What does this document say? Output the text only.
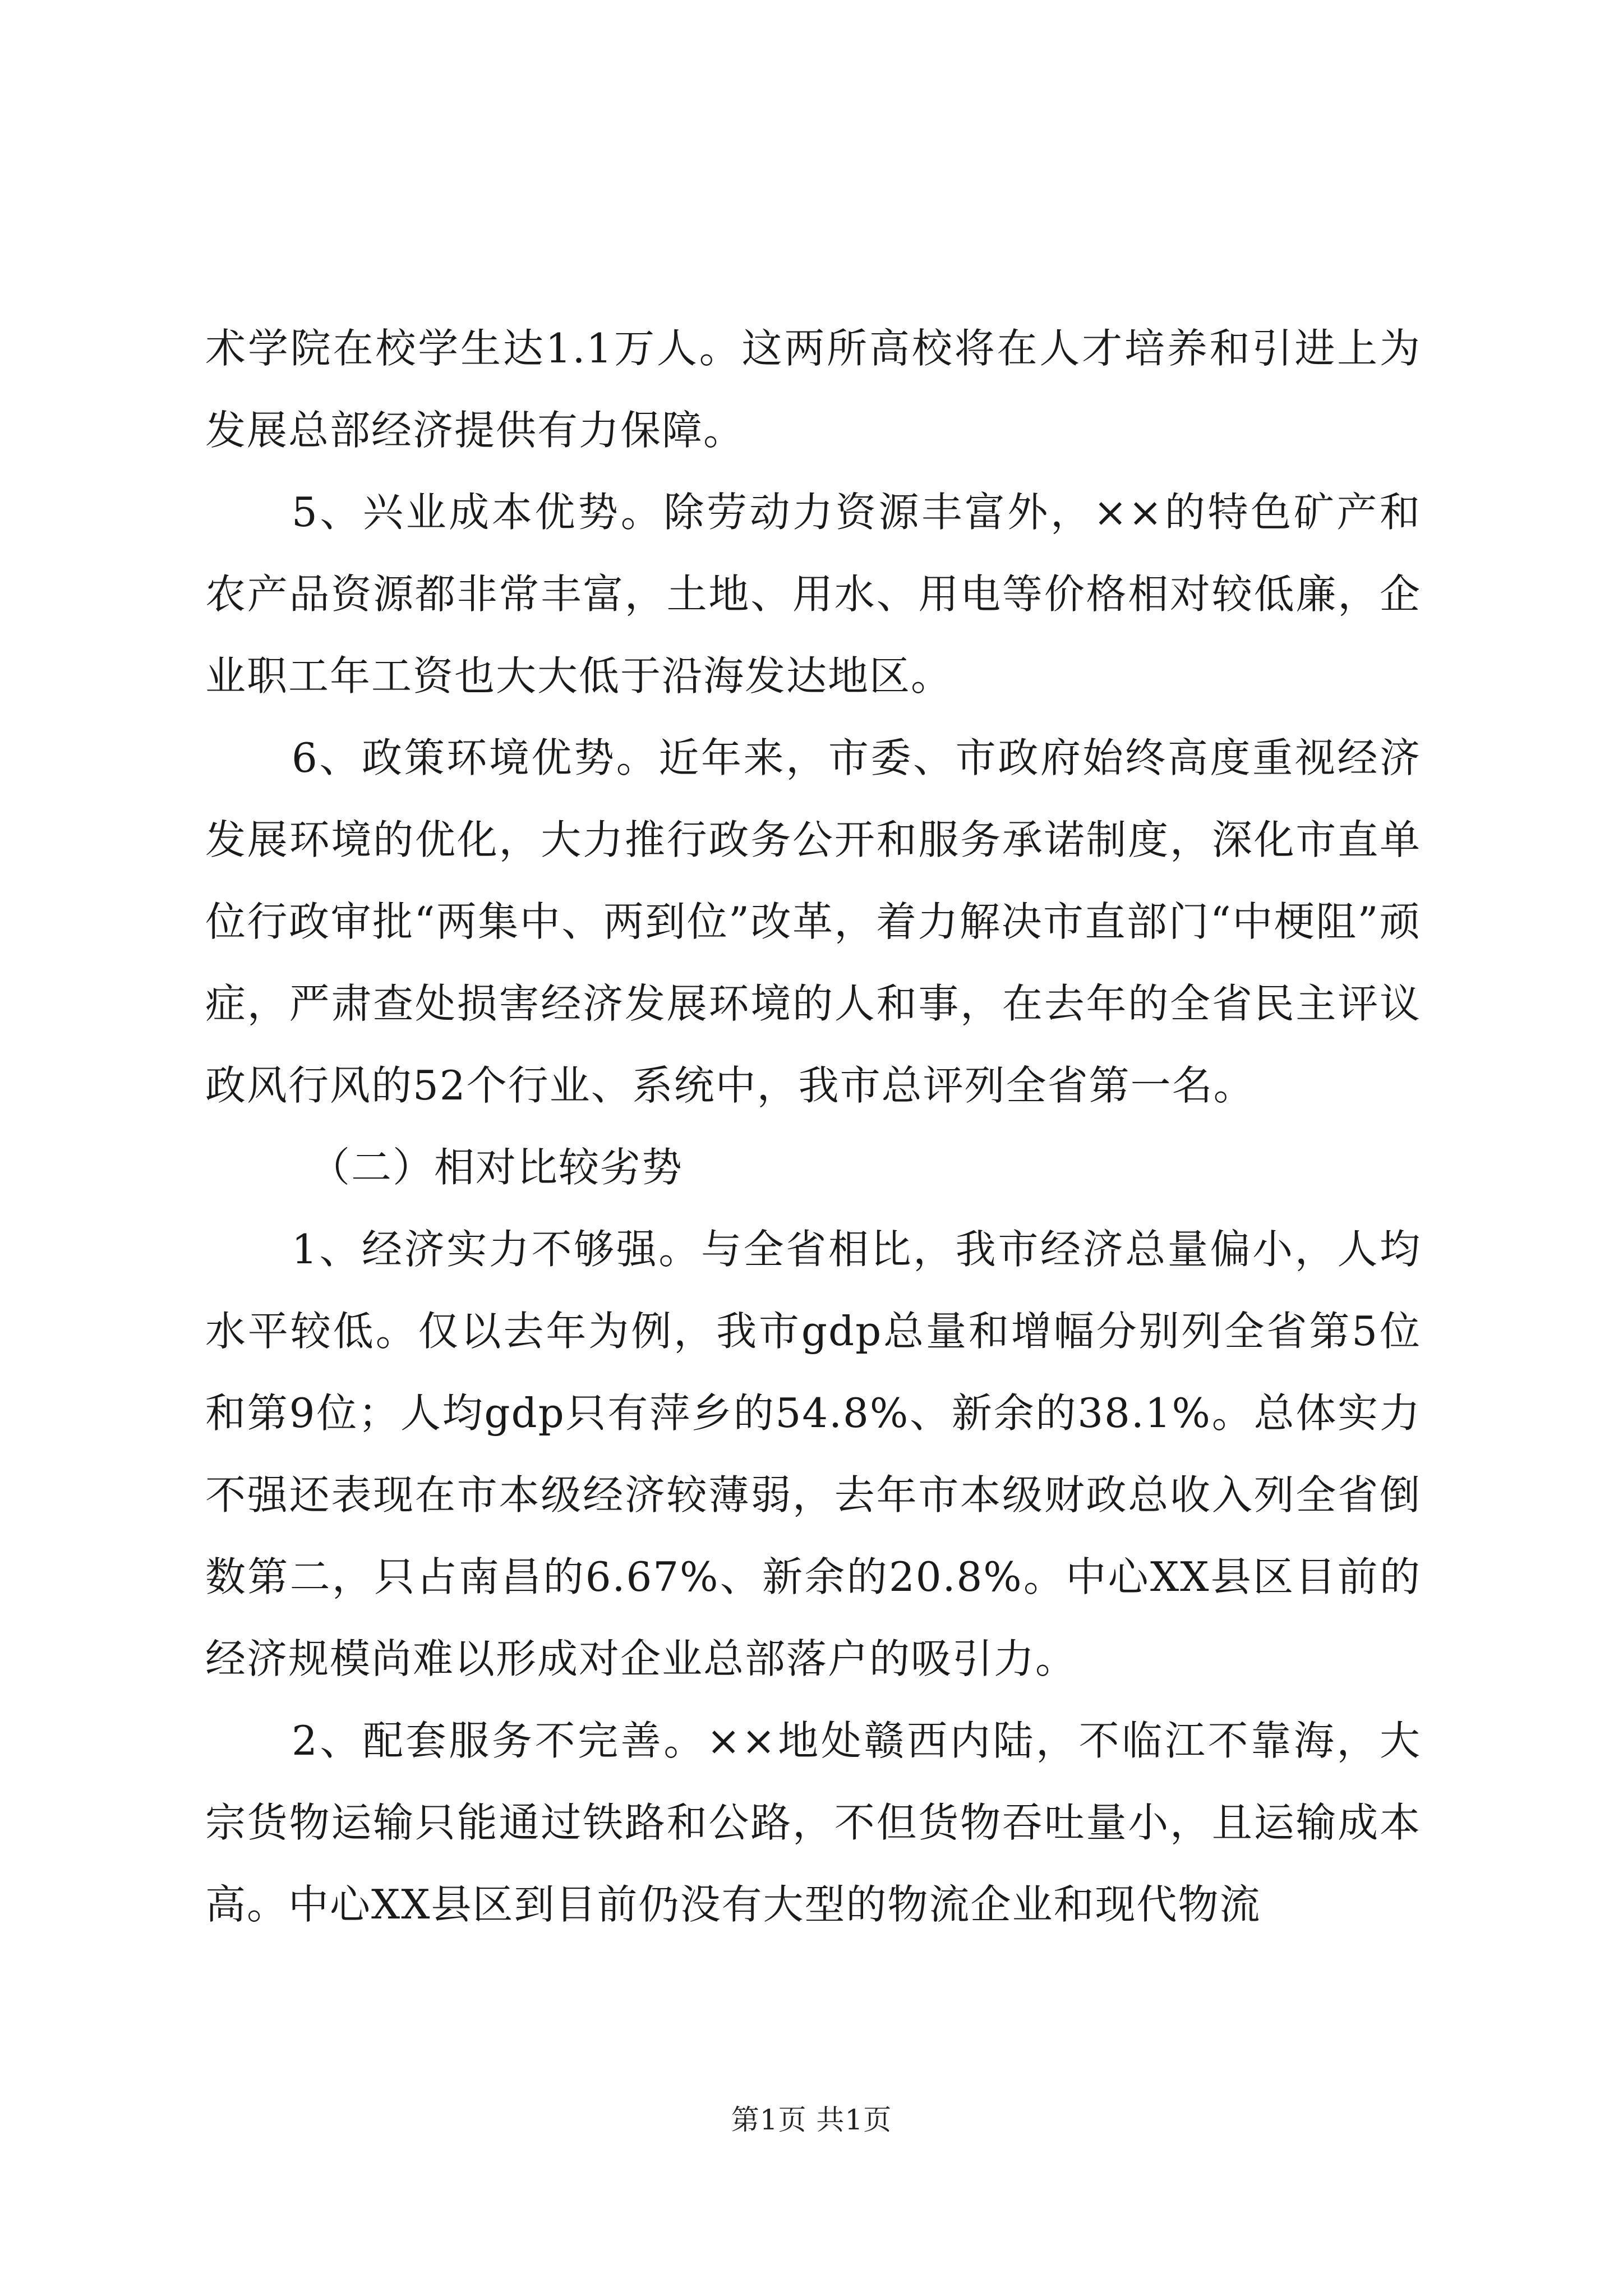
术学院在校学生达1.1万人。这两所高校将在人才培养和引进上为发展总部经济提供有力保障。

5、兴业成本优势。除劳动力资源丰富外，××的特色矿产和农产品资源都非常丰富，土地、用水、用电等价格相对较低廉，企业职工年工资也大大低于沿海发达地区。

6、政策环境优势。近年来，市委、市政府始终高度重视经济发展环境的优化，大力推行政务公开和服务承诺制度，深化市直单位行政审批“两集中、两到位”改革，着力解决市直部门“中梗阻”顽症，严肃查处损害经济发展环境的人和事，在去年的全省民主评议政风行风的52个行业、系统中，我市总评列全省第一名。

（二）相对比较劣势

1、经济实力不够强。与全省相比，我市经济总量偏小，人均水平较低。仅以去年为例，我市gdp总量和增幅分别列全省第5位和第9位；人均gdp只有萍乡的54.8%、新余的38.1%。总体实力不强还表现在市本级经济较薄弱，去年市本级财政总收入列全省倒数第二，只占南昌的6.67%、新余的20.8%。中心XX县区目前的经济规模尚难以形成对企业总部落户的吸引力。

2、配套服务不完善。××地处赣西内陆，不临江不靠海，大宗货物运输只能通过铁路和公路，不但货物吞吐量小，且运输成本高。中心XX县区到目前仍没有大型的物流企业和现代物流

第1页 共1页
